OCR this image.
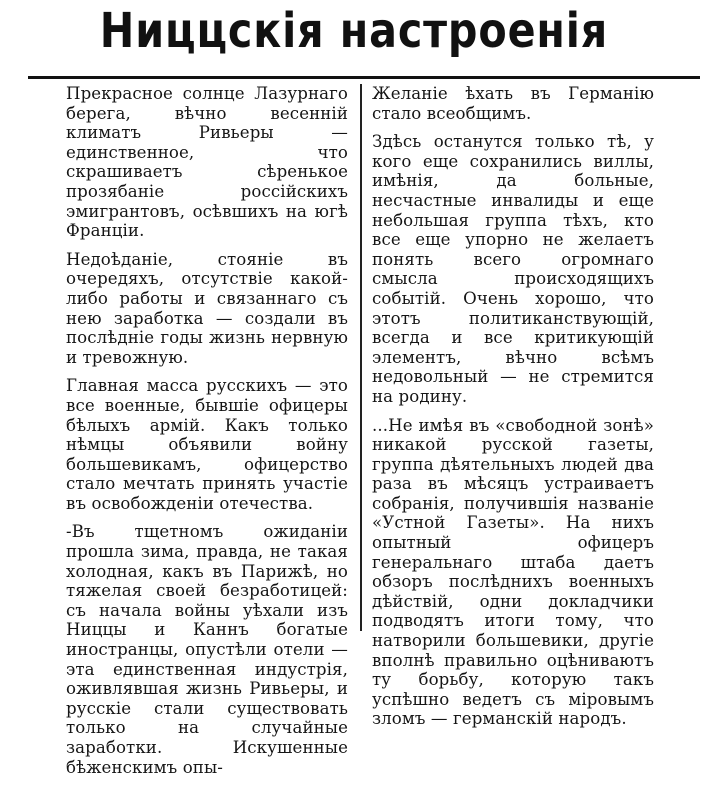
Ниццскія настроенія

Прекрасное солнце Лазурнаго берега, вѣчно весенній климатъ Ривьеры — единственное, что скрашиваетъ сѣренькое прозябаніе россійскихъ эмигрантовъ, осѣвшихъ на югѣ Франціи.

Недоѣданіе, стояніе въ очередяхъ, отсутствіе какой-либо работы и связаннаго съ нею заработка — создали въ послѣдніе годы жизнь нервную и тревожную.

Главная масса русскихъ — это все военные, бывшіе офицеры бѣлыхъ армій. Какъ только нѣмцы объявили войну большевикамъ, офицерство стало мечтать принять участіе въ освобожденіи отечества.

-Въ тщетномъ ожиданіи прошла зима, правда, не такая холодная, какъ въ Парижѣ, но тяжелая своей безработицей: съ начала войны уѣхали изъ Ниццы и Каннъ богатые иностранцы, опустѣли отели — эта единственная индустрія, оживлявшая жизнь Ривьеры, и русскіе стали существовать только на случайные заработки. Искушенные бѣженскимъ опы-

Желаніе ѣхать въ Германію стало всеобщимъ.

Здѣсь останутся только тѣ, у кого еще сохранились виллы, имѣнія, да больные, несчастные инвалиды и еще небольшая группа тѣхъ, кто все еще упорно не желаетъ понять всего огромнаго смысла происходящихъ событій. Очень хорошо, что этотъ политиканствующій, всегда и все критикующій элементъ, вѣчно всѣмъ недовольный — не стремится на родину.

...Не имѣя въ «свободной зонѣ» никакой русской газеты, группа дѣятельныхъ людей два раза въ мѣсяцъ устраиваетъ собранія, получившія названіе «Устной Газеты». На нихъ опытный офицеръ генеральнаго штаба даетъ обзоръ послѣднихъ военныхъ дѣйствій, одни докладчики подводятъ итоги тому, что натворили большевики, другіе вполнѣ правильно оцѣниваютъ ту борьбу, которую такъ успѣшно ведетъ съ міровымъ зломъ — германскій народъ.
